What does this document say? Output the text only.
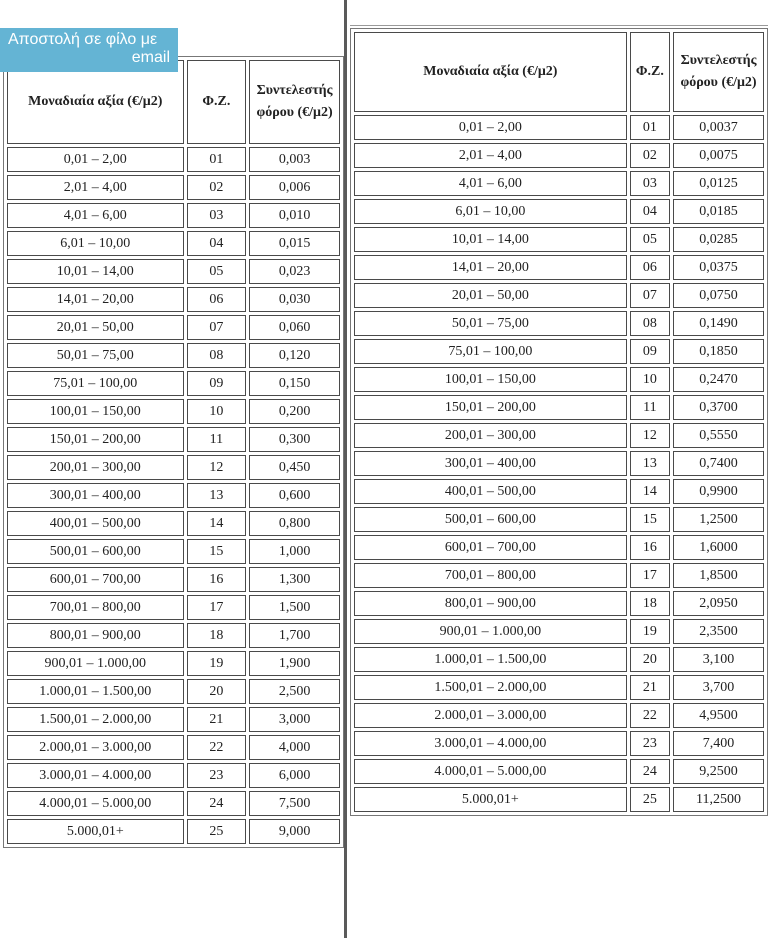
Μοναδιαία αξία (€/μ2)	Φ.Ζ.	Συντελεστής φόρου (€/μ2)
0,01 – 2,00	01	0,003
2,01 – 4,00	02	0,006
4,01 – 6,00	03	0,010
6,01 – 10,00	04	0,015
10,01 – 14,00	05	0,023
14,01 – 20,00	06	0,030
20,01 – 50,00	07	0,060
50,01 – 75,00	08	0,120
75,01 – 100,00	09	0,150
100,01 – 150,00	10	0,200
150,01 – 200,00	11	0,300
200,01 – 300,00	12	0,450
300,01 – 400,00	13	0,600
400,01 – 500,00	14	0,800
500,01 – 600,00	15	1,000
600,01 – 700,00	16	1,300
700,01 – 800,00	17	1,500
800,01 – 900,00	18	1,700
900,01 – 1.000,00	19	1,900
1.000,01 – 1.500,00	20	2,500
1.500,01 – 2.000,00	21	3,000
2.000,01 – 3.000,00	22	4,000
3.000,01 – 4.000,00	23	6,000
4.000,01 – 5.000,00	24	7,500
5.000,01+	25	9,000
Μοναδιαία αξία (€/μ2)	Φ.Ζ.	Συντελεστής φόρου (€/μ2)
0,01 – 2,00	01	0,0037
2,01 – 4,00	02	0,0075
4,01 – 6,00	03	0,0125
6,01 – 10,00	04	0,0185
10,01 – 14,00	05	0,0285
14,01 – 20,00	06	0,0375
20,01 – 50,00	07	0,0750
50,01 – 75,00	08	0,1490
75,01 – 100,00	09	0,1850
100,01 – 150,00	10	0,2470
150,01 – 200,00	11	0,3700
200,01 – 300,00	12	0,5550
300,01 – 400,00	13	0,7400
400,01 – 500,00	14	0,9900
500,01 – 600,00	15	1,2500
600,01 – 700,00	16	1,6000
700,01 – 800,00	17	1,8500
800,01 – 900,00	18	2,0950
900,01 – 1.000,00	19	2,3500
1.000,01 – 1.500,00	20	3,100
1.500,01 – 2.000,00	21	3,700
2.000,01 – 3.000,00	22	4,9500
3.000,01 – 4.000,00	23	7,400
4.000,01 – 5.000,00	24	9,2500
5.000,01+	25	11,2500
Αποστολή σε φίλο με
email
